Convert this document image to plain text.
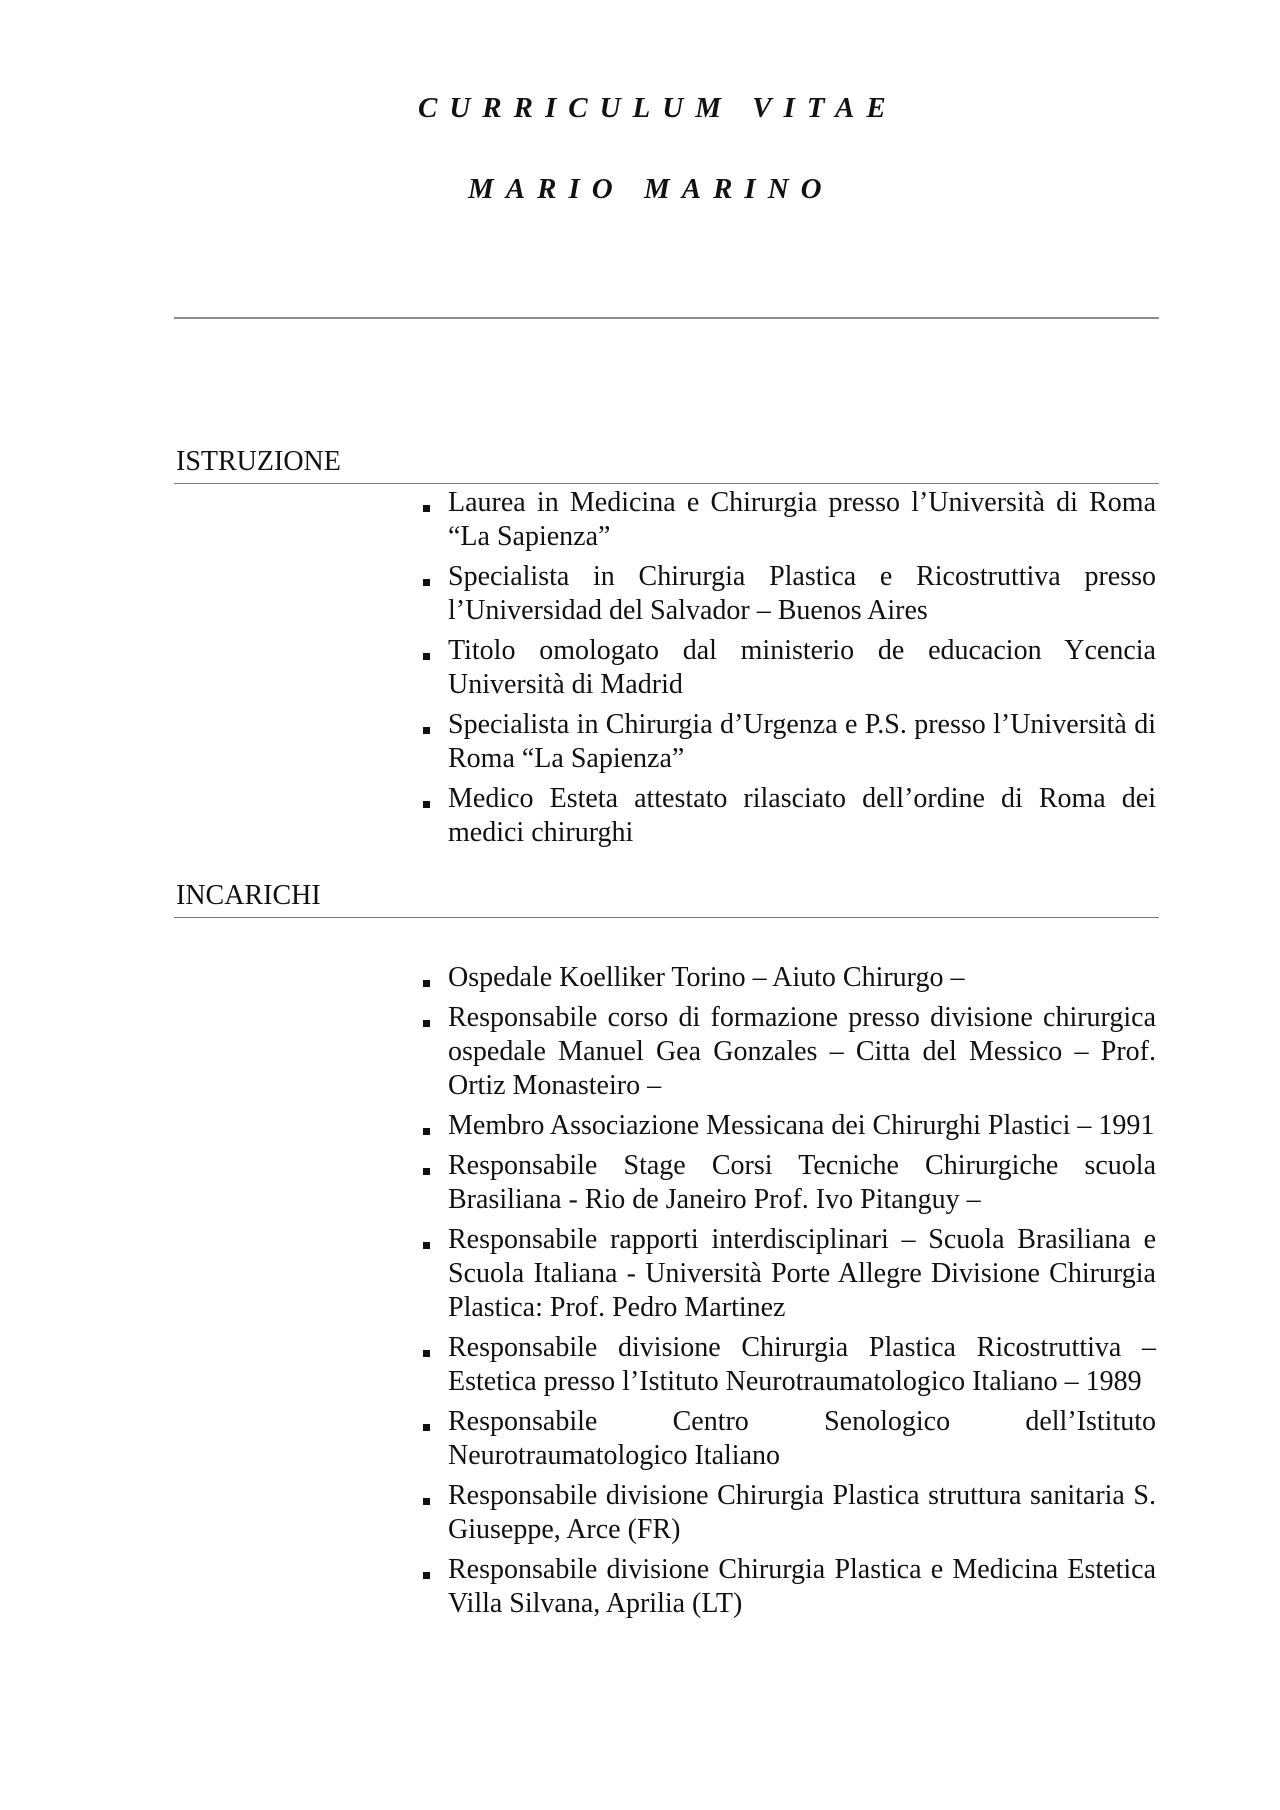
CURRICULUM VITAE
MARIO MARINO
ISTRUZIONE
Laurea in Medicina e Chirurgia presso l’Università di Roma “La Sapienza”
Specialista in Chirurgia Plastica e Ricostruttiva presso l’Universidad del Salvador – Buenos Aires
Titolo omologato dal ministerio de educacion Ycencia Università di Madrid
Specialista in Chirurgia d’Urgenza e P.S. presso l’Università di Roma “La Sapienza”
Medico Esteta attestato rilasciato dell’ordine di Roma dei medici chirurghi
INCARICHI
Ospedale Koelliker Torino – Aiuto Chirurgo –
Responsabile corso di formazione presso divisione chirurgica ospedale Manuel Gea Gonzales – Citta del Messico – Prof. Ortiz Monasteiro –
Membro Associazione Messicana dei Chirurghi Plastici – 1991
Responsabile Stage Corsi Tecniche Chirurgiche scuola Brasiliana - Rio de Janeiro Prof. Ivo Pitanguy –
Responsabile rapporti interdisciplinari – Scuola Brasiliana e Scuola Italiana - Università Porte Allegre Divisione Chirurgia Plastica: Prof. Pedro Martinez
Responsabile divisione Chirurgia Plastica Ricostruttiva – Estetica presso l’Istituto Neurotraumatologico Italiano – 1989
Responsabile Centro Senologico dell’Istituto Neurotraumatologico Italiano
Responsabile divisione Chirurgia Plastica struttura sanitaria S. Giuseppe, Arce (FR)
Responsabile divisione Chirurgia Plastica e Medicina Estetica Villa Silvana, Aprilia (LT)
